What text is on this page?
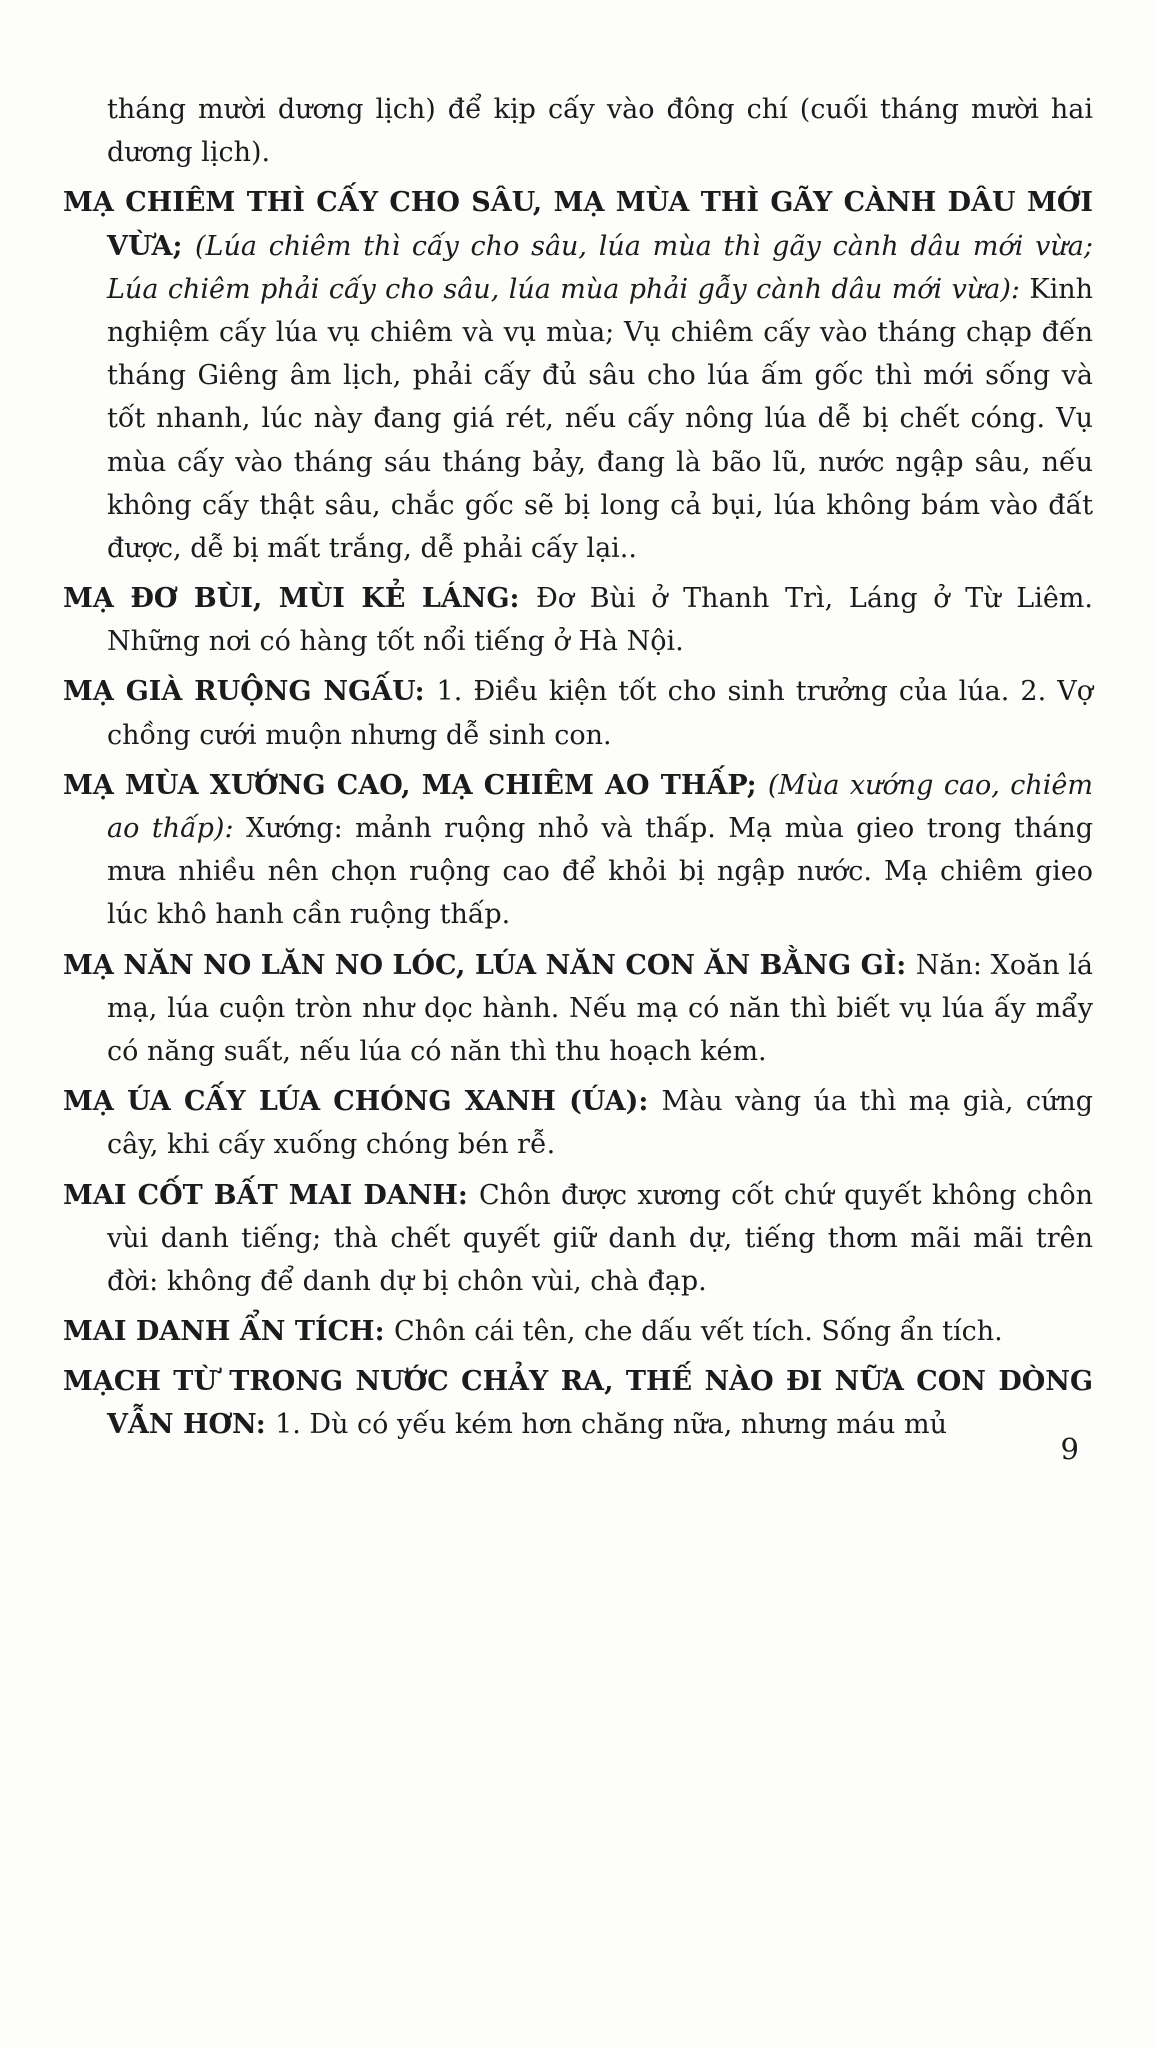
tháng mười dương lịch) để kịp cấy vào đông chí (cuối tháng mười hai dương lịch).

MẠ CHIÊM THÌ CẤY CHO SÂU, MẠ MÙA THÌ GÃY CÀNH DÂU MỚI VỪA; (Lúa chiêm thì cấy cho sâu, lúa mùa thì gãy cành dâu mới vừa; Lúa chiêm phải cấy cho sâu, lúa mùa phải gẫy cành dâu mới vừa): Kinh nghiệm cấy lúa vụ chiêm và vụ mùa; Vụ chiêm cấy vào tháng chạp đến tháng Giêng âm lịch, phải cấy đủ sâu cho lúa ấm gốc thì mới sống và tốt nhanh, lúc này đang giá rét, nếu cấy nông lúa dễ bị chết cóng. Vụ mùa cấy vào tháng sáu tháng bảy, đang là bão lũ, nước ngập sâu, nếu không cấy thật sâu, chắc gốc sẽ bị long cả bụi, lúa không bám vào đất được, dễ bị mất trắng, dễ phải cấy lại..

MẠ ĐƠ BÙI, MÙI KẺ LÁNG: Đơ Bùi ở Thanh Trì, Láng ở Từ Liêm. Những nơi có hàng tốt nổi tiếng ở Hà Nội.

MẠ GIÀ RUỘNG NGẤU: 1. Điều kiện tốt cho sinh trưởng của lúa. 2. Vợ chồng cưới muộn nhưng dễ sinh con.

MẠ MÙA XƯỚNG CAO, MẠ CHIÊM AO THẤP; (Mùa xướng cao, chiêm ao thấp): Xướng: mảnh ruộng nhỏ và thấp. Mạ mùa gieo trong tháng mưa nhiều nên chọn ruộng cao để khỏi bị ngập nước. Mạ chiêm gieo lúc khô hanh cần ruộng thấp.

MẠ NĂN NO LĂN NO LÓC, LÚA NĂN CON ĂN BẰNG GÌ: Năn: Xoăn lá mạ, lúa cuộn tròn như dọc hành. Nếu mạ có năn thì biết vụ lúa ấy mẩy có năng suất, nếu lúa có năn thì thu hoạch kém.

MẠ ÚA CẤY LÚA CHÓNG XANH (ÚA): Màu vàng úa thì mạ già, cứng cây, khi cấy xuống chóng bén rễ.

MAI CỐT BẤT MAI DANH: Chôn được xương cốt chứ quyết không chôn vùi danh tiếng; thà chết quyết giữ danh dự, tiếng thơm mãi mãi trên đời: không để danh dự bị chôn vùi, chà đạp.

MAI DANH ẨN TÍCH: Chôn cái tên, che dấu vết tích. Sống ẩn tích.

MẠCH TỪ TRONG NƯỚC CHẢY RA, THẾ NÀO ĐI NỮA CON DÒNG VẪN HƠN: 1. Dù có yếu kém hơn chăng nữa, nhưng máu mủ

9
